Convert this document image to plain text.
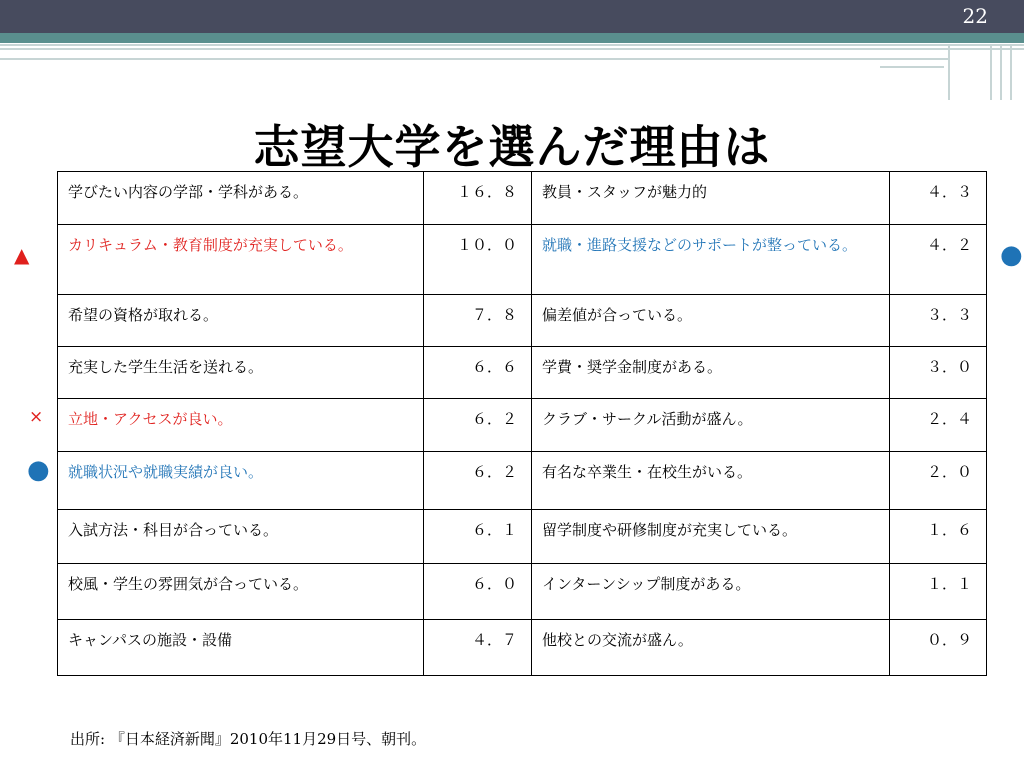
22
志望大学を選んだ理由は
▲
×
●
●
学びたい内容の学部・学科がある。	１６．８	教員・スタッフが魅力的	４．３
カリキュラム・教育制度が充実している。	１０．０	就職・進路支援などのサポートが整っている。	４．２
希望の資格が取れる。	７．８	偏差値が合っている。	３．３
充実した学生生活を送れる。	６．６	学費・奨学金制度がある。	３．０
立地・アクセスが良い。	６．２	クラブ・サークル活動が盛ん。	２．４
就職状況や就職実績が良い。	６．２	有名な卒業生・在校生がいる。	２．０
入試方法・科目が合っている。	６．１	留学制度や研修制度が充実している。	１．６
校風・学生の雰囲気が合っている。	６．０	インターンシップ制度がある。	１．１
キャンパスの施設・設備	４．７	他校との交流が盛ん。	０．９
出所: 『日本経済新聞』2010年11月29日号、朝刊。
